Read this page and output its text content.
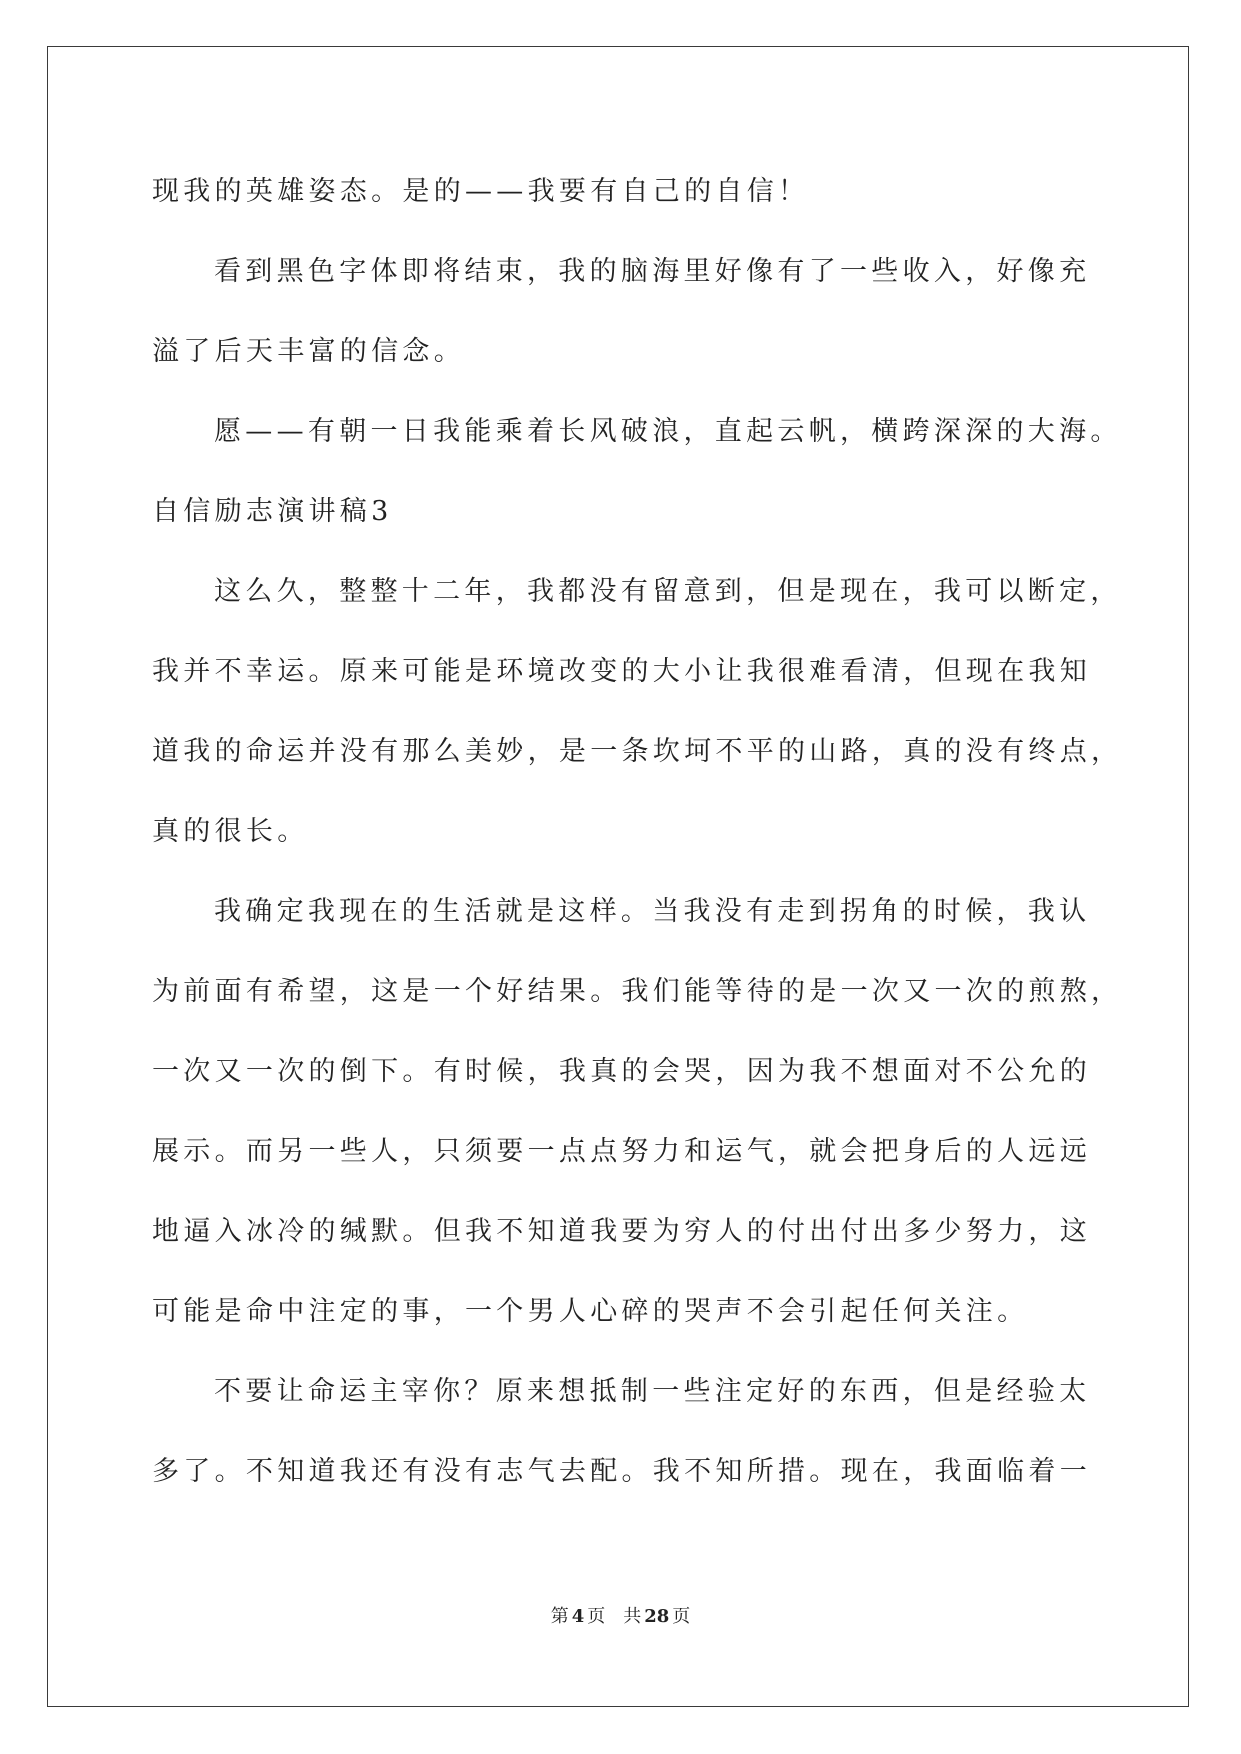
现我的英雄姿态。是的——我要有自己的自信！
看到黑色字体即将结束，我的脑海里好像有了一些收入，好像充
溢了后天丰富的信念。
愿——有朝一日我能乘着长风破浪，直起云帆，横跨深深的大海。
自信励志演讲稿3
这么久，整整十二年，我都没有留意到，但是现在，我可以断定，
我并不幸运。原来可能是环境改变的大小让我很难看清，但现在我知
道我的命运并没有那么美妙，是一条坎坷不平的山路，真的没有终点，
真的很长。
我确定我现在的生活就是这样。当我没有走到拐角的时候，我认
为前面有希望，这是一个好结果。我们能等待的是一次又一次的煎熬，
一次又一次的倒下。有时候，我真的会哭，因为我不想面对不公允的
展示。而另一些人，只须要一点点努力和运气，就会把身后的人远远
地逼入冰冷的缄默。但我不知道我要为穷人的付出付出多少努力，这
可能是命中注定的事，一个男人心碎的哭声不会引起任何关注。
不要让命运主宰你？原来想抵制一些注定好的东西，但是经验太
多了。不知道我还有没有志气去配。我不知所措。现在，我面临着一
第 4 页 共 28 页
